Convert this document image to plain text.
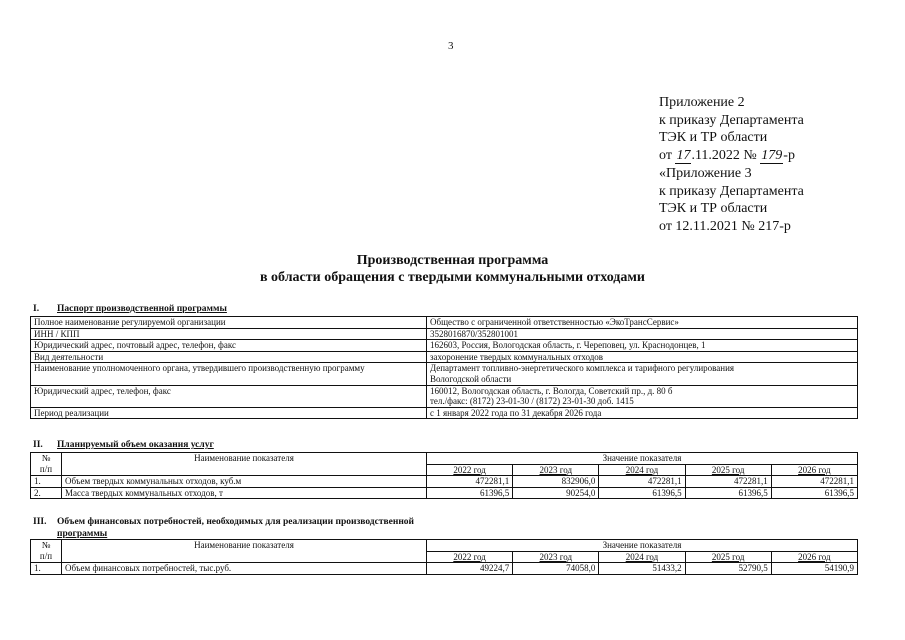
3
Приложение 2
к приказу Департамента
ТЭК и ТР области
от 17.11.2022 № 179-р
«Приложение 3
к приказу Департамента
ТЭК и ТР области
от 12.11.2021 № 217-р
Производственная программа
в области обращения с твердыми коммунальными отходами
I. Паспорт производственной программы
Полное наименование регулируемой организации	Общество с ограниченной ответственностью «ЭкоТрансСервис»
ИНН / КПП	3528016870/352801001
Юридический адрес, почтовый адрес, телефон, факс	162603, Россия, Вологодская область, г. Череповец, ул. Краснодонцев, 1
Вид деятельности	захоронение твердых коммунальных отходов
Наименование уполномоченного органа, утвердившего производственную программу	Департамент топливно-энергетического комплекса и тарифного регулирования
Вологодской области

Юридический адрес, телефон, факс	160012, Вологодская область, г. Вологда, Советский пр., д. 80 б
тел./факс: (8172) 23-01-30 / (8172) 23-01-30 доб. 1415

Период реализации	с 1 января 2022 года по 31 декабря 2026 года
II. Планируемый объем оказания услуг
№
п/п	Наименование показателя	Значение показателя				
		2022 год	2023 год	2024 год	2025 год	2026 год
1.	Объем твердых коммунальных отходов, куб.м	472281,1	832906,0	472281,1	472281,1	472281,1
2.	Масса твердых коммунальных отходов, т	61396,5	90254,0	61396,5	61396,5	61396,5
III. Объем финансовых потребностей, необходимых для реализации производственной
программы
№
п/п	Наименование показателя	Значение показателя				
		2022 год	2023 год	2024 год	2025 год	2026 год
1.	Объем финансовых потребностей, тыс.руб.	49224,7	74058,0	51433,2	52790,5	54190,9
